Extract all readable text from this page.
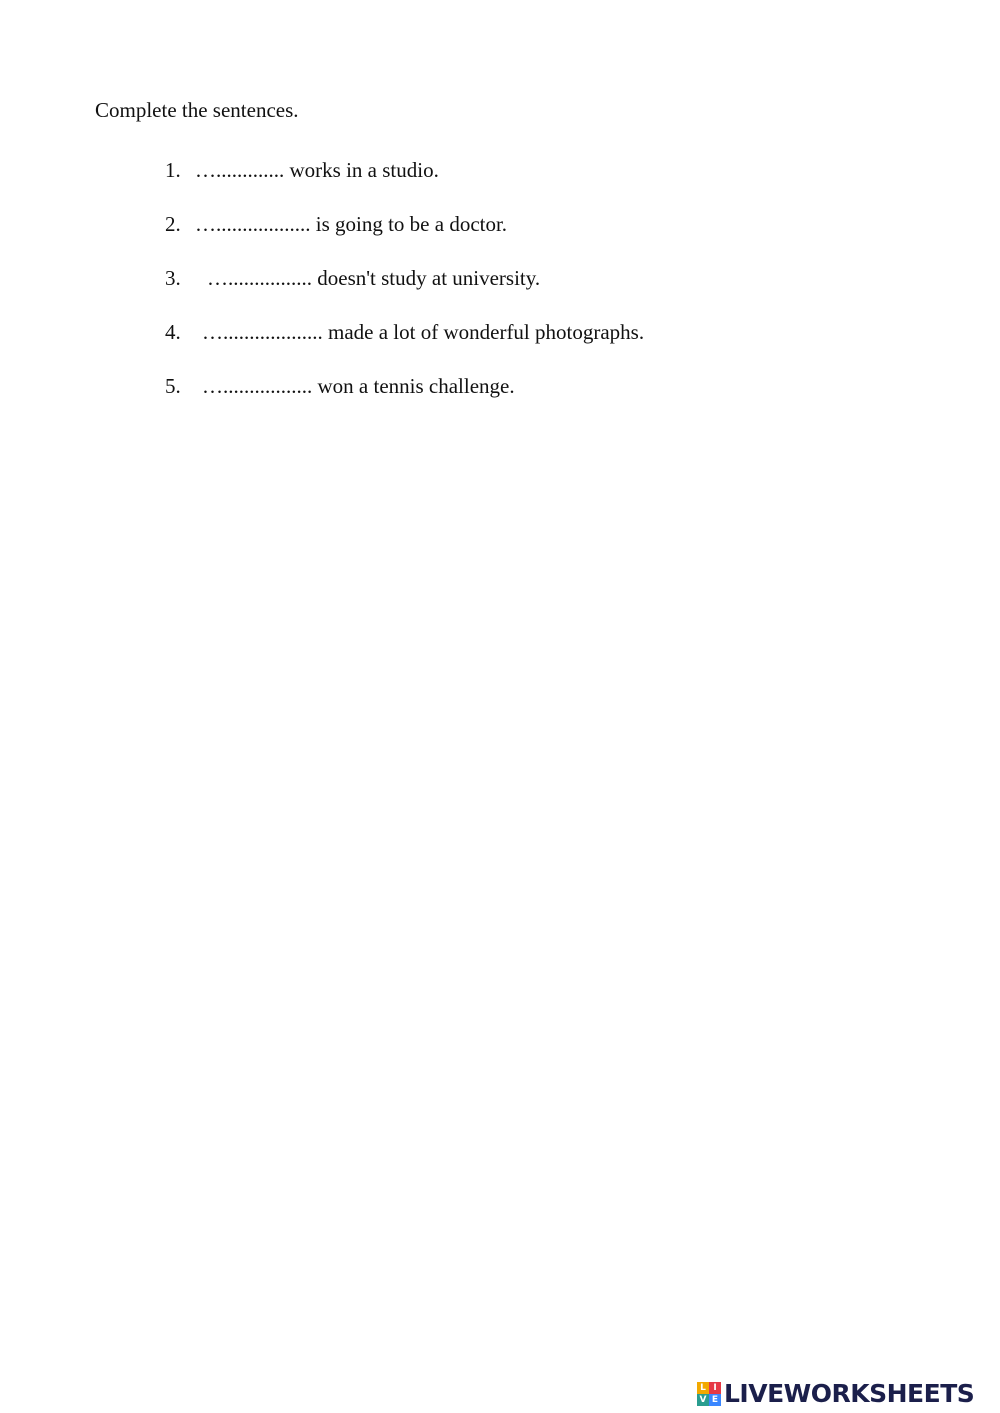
Complete the sentences.
1. …............. works in a studio.
2. ….................. is going to be a doctor.
3. …................ doesn't study at university.
4. …................... made a lot of wonderful photographs.
5. …................. won a tennis challenge.
L I
V E LIVEWORKSHEETS
